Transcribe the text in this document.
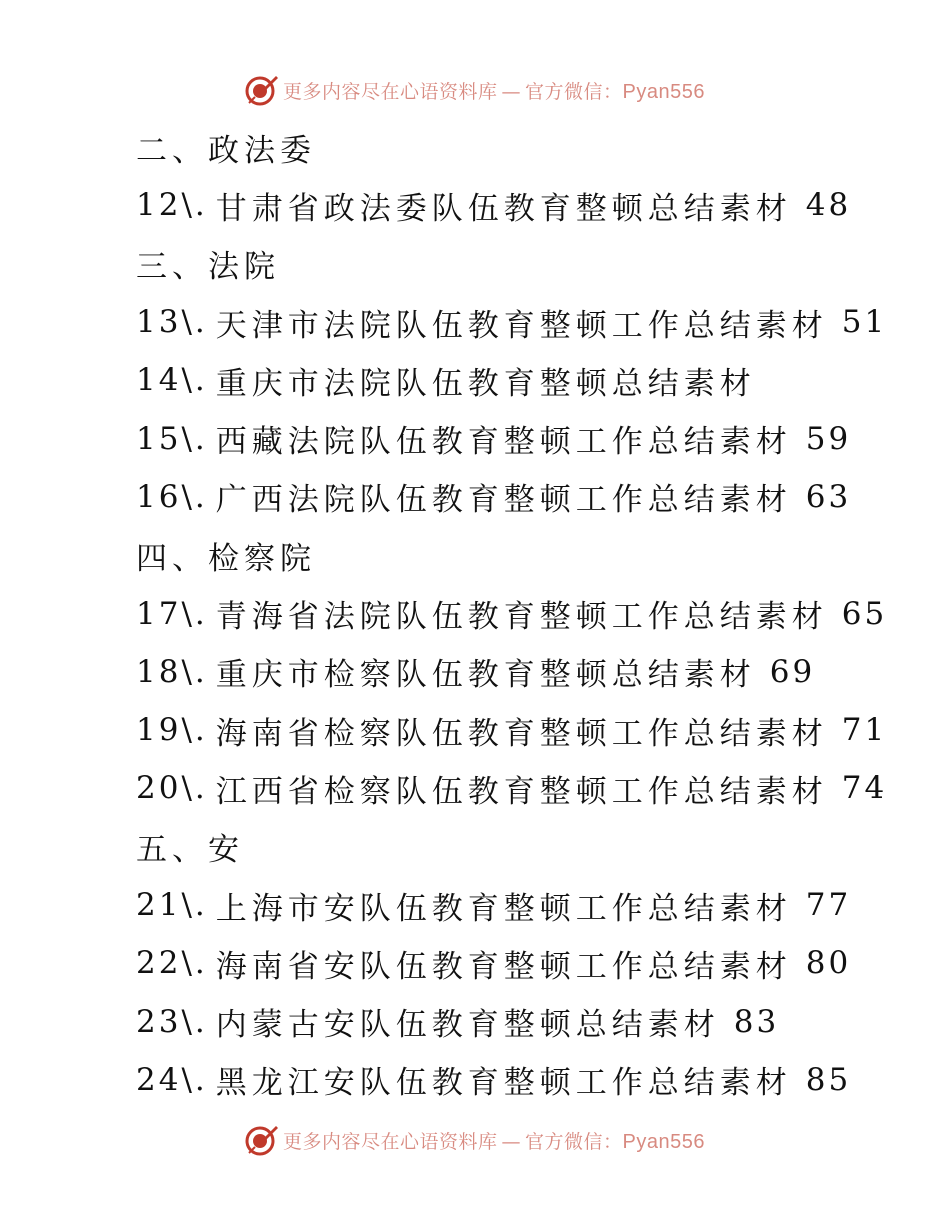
更多内容尽在心语资料库 — 官方微信：Pyan556
二、政法委
12\. 甘肃省政法委队伍教育整顿总结素材 48
三、法院
13\. 天津市法院队伍教育整顿工作总结素材 51
14\. 重庆市法院队伍教育整顿总结素材
15\. 西藏法院队伍教育整顿工作总结素材 59
16\. 广西法院队伍教育整顿工作总结素材 63
四、检察院
17\. 青海省法院队伍教育整顿工作总结素材 65
18\. 重庆市检察队伍教育整顿总结素材 69
19\. 海南省检察队伍教育整顿工作总结素材 71
20\. 江西省检察队伍教育整顿工作总结素材 74
五、安
21\. 上海市安队伍教育整顿工作总结素材 77
22\. 海南省安队伍教育整顿工作总结素材 80
23\. 内蒙古安队伍教育整顿总结素材 83
24\. 黑龙江安队伍教育整顿工作总结素材 85
更多内容尽在心语资料库 — 官方微信：Pyan556
